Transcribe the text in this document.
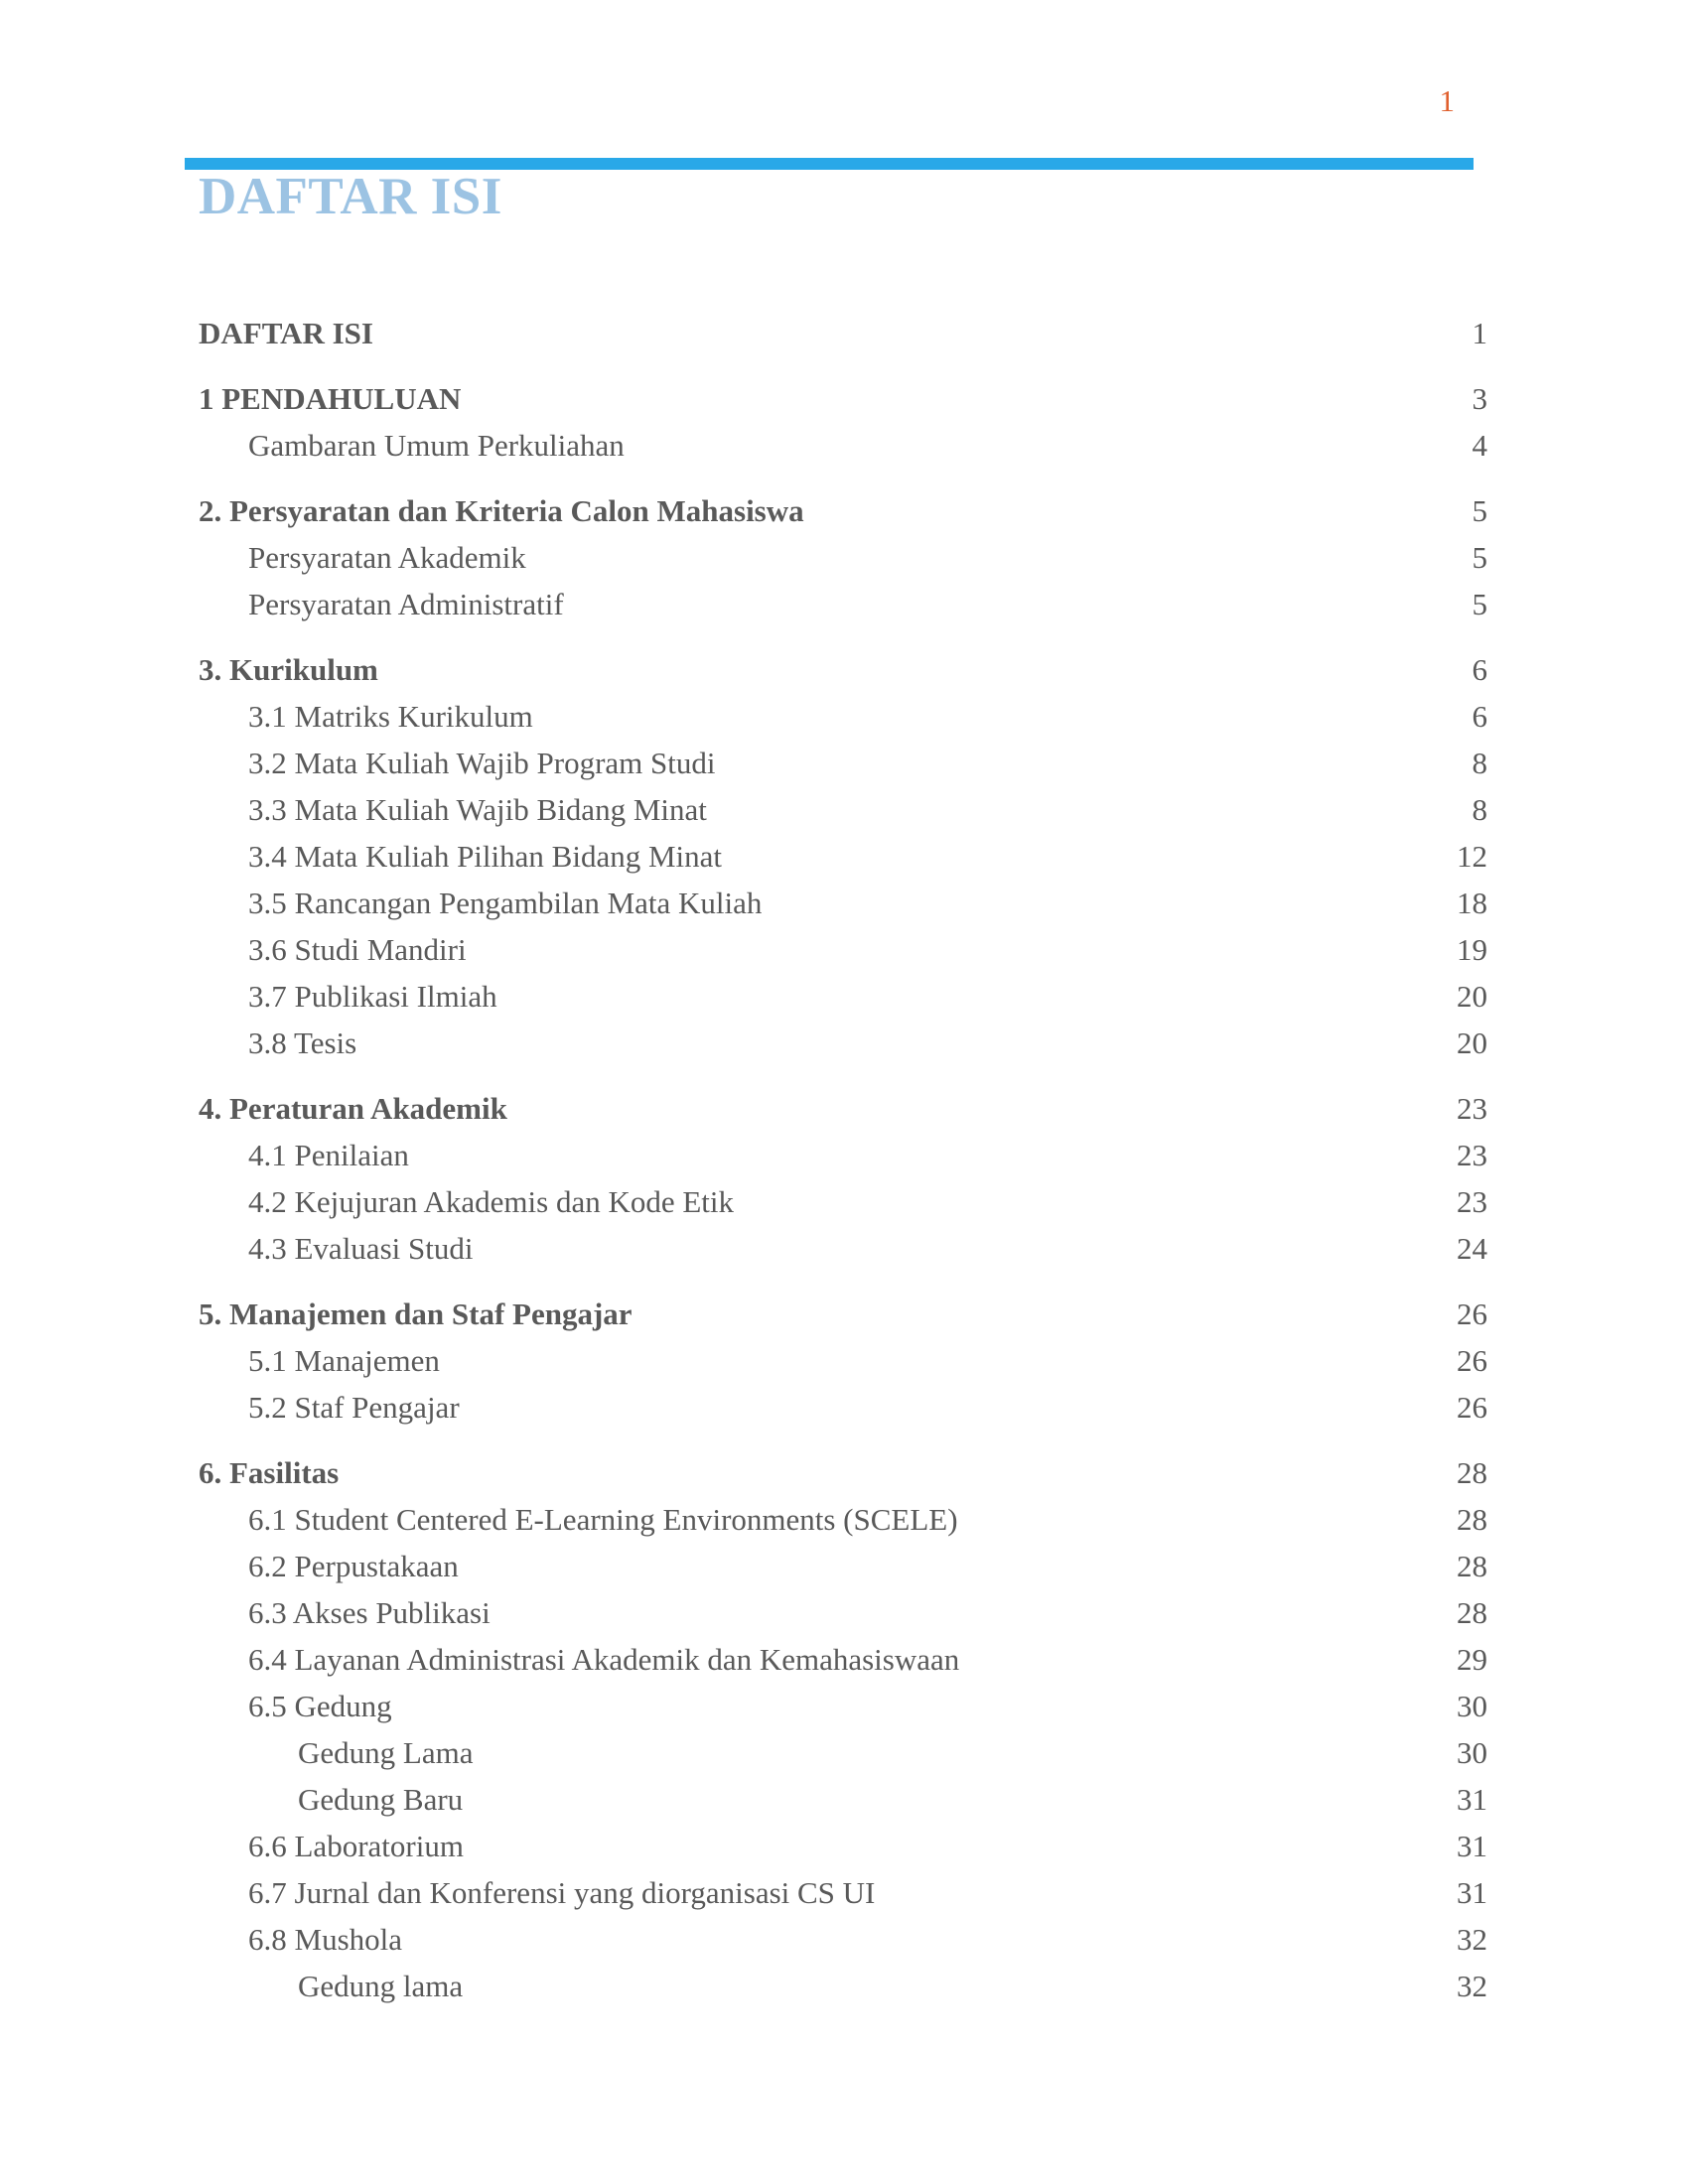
1
DAFTAR ISI
DAFTAR ISI	1
1 PENDAHULUAN	3
Gambaran Umum Perkuliahan	4
2. Persyaratan dan Kriteria Calon Mahasiswa	5
Persyaratan Akademik	5
Persyaratan Administratif	5
3. Kurikulum	6
3.1 Matriks Kurikulum	6
3.2 Mata Kuliah Wajib Program Studi	8
3.3 Mata Kuliah Wajib Bidang Minat	8
3.4 Mata Kuliah Pilihan Bidang Minat	12
3.5 Rancangan Pengambilan Mata Kuliah	18
3.6 Studi Mandiri	19
3.7 Publikasi Ilmiah	20
3.8 Tesis	20
4. Peraturan Akademik	23
4.1 Penilaian	23
4.2 Kejujuran Akademis dan Kode Etik	23
4.3 Evaluasi Studi	24
5. Manajemen dan Staf Pengajar	26
5.1 Manajemen	26
5.2 Staf Pengajar	26
6. Fasilitas	28
6.1 Student Centered E-Learning Environments (SCELE)	28
6.2 Perpustakaan	28
6.3 Akses Publikasi	28
6.4 Layanan Administrasi Akademik dan Kemahasiswaan	29
6.5 Gedung	30
Gedung Lama	30
Gedung Baru	31
6.6 Laboratorium	31
6.7 Jurnal dan Konferensi yang diorganisasi CS UI	31
6.8 Mushola	32
Gedung lama	32
